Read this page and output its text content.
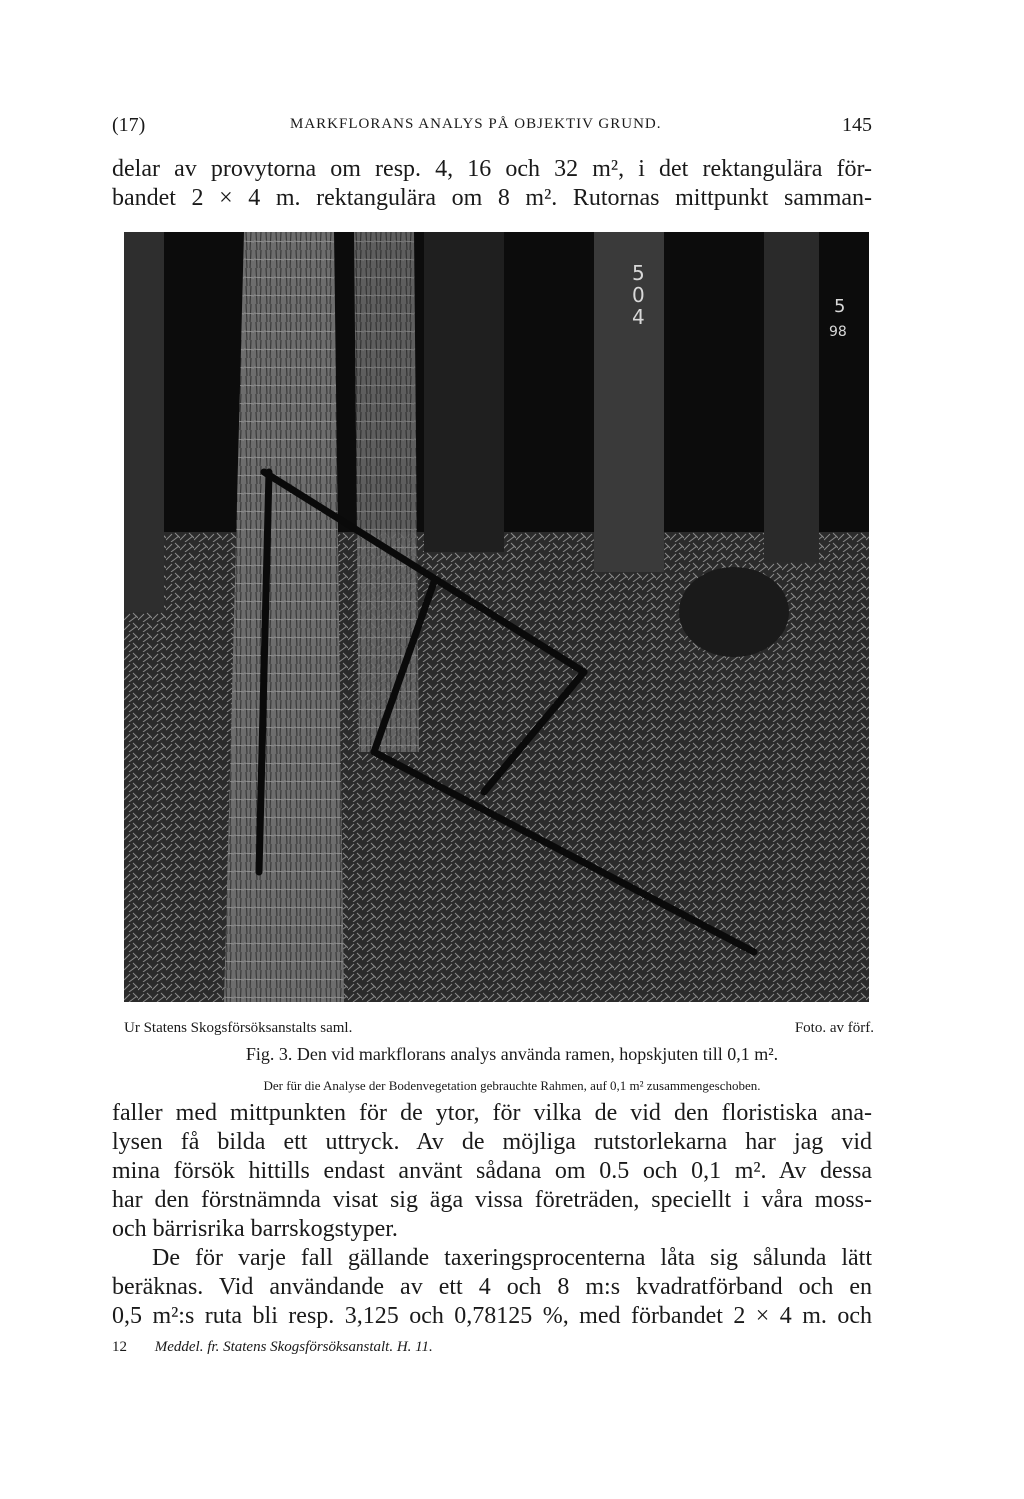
(17)	MARKFLORANS ANALYS PÅ OBJEKTIV GRUND.	145
delar av provytorna om resp. 4, 16 och 32 m², i det rektangulära för-
bandet 2 × 4 m. rektangulära om 8 m². Rutornas mittpunkt samman-
5
0
4	5
98
Ur Statens Skogsförsöksanstalts saml.	Foto. av förf.
Fig. 3. Den vid markflorans analys använda ramen, hopskjuten till 0,1 m².
Der für die Analyse der Bodenvegetation gebrauchte Rahmen, auf 0,1 m² zusammengeschoben.
faller med mittpunkten för de ytor, för vilka de vid den floristiska ana-
lysen få bilda ett uttryck. Av de möjliga rutstorlekarna har jag vid
mina försök hittills endast använt sådana om 0.5 och 0,1 m². Av dessa
har den förstnämnda visat sig äga vissa företräden, speciellt i våra moss-
och bärrisrika barrskogstyper.
De för varje fall gällande taxeringsprocenterna låta sig sålunda lätt
beräknas. Vid användande av ett 4 och 8 m:s kvadratförband och en
0,5 m²:s ruta bli resp. 3,125 och 0,78125 %, med förbandet 2 × 4 m. och
12 Meddel. fr. Statens Skogsförsöksanstalt. H. 11.
